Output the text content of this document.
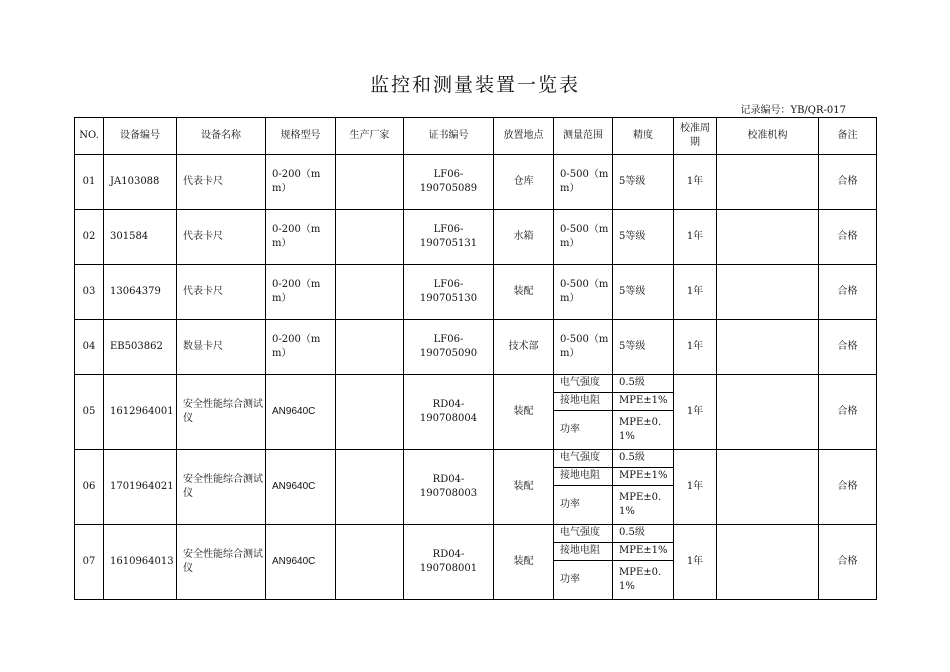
监控和测量装置一览表
记录编号：YB/QR-017
NO.	设备编号	设备名称	规格型号	生产厂家	证书编号	放置地点	测量范围	精度	校准周期	校准机构	备注
01	JA103088	代表卡尺	0-200（mm）		LF06-190705089	仓库	0-500（mm）	5等级	1年		合格
02	301584	代表卡尺	0-200（mm）		LF06-190705131	水箱	0-500（mm）	5等级	1年		合格
03	13064379	代表卡尺	0-200（mm）		LF06-190705130	装配	0-500（mm）	5等级	1年		合格
04	EB503862	数显卡尺	0-200（mm）		LF06-190705090	技术部	0-500（mm）	5等级	1年		合格
05	1612964001	安全性能综合测试仪	AN9640C		RD04-190708004	装配	电气强度	0.5级	1年		合格
							接地电阻	MPE±1%			
							功率	MPE±0.1%			
06	1701964021	安全性能综合测试仪	AN9640C		RD04-190708003	装配	电气强度	0.5级	1年		合格
							接地电阻	MPE±1%			
							功率	MPE±0.1%			
07	1610964013	安全性能综合测试仪	AN9640C		RD04-190708001	装配	电气强度	0.5级	1年		合格
							接地电阻	MPE±1%			
							功率	MPE±0.1%			
